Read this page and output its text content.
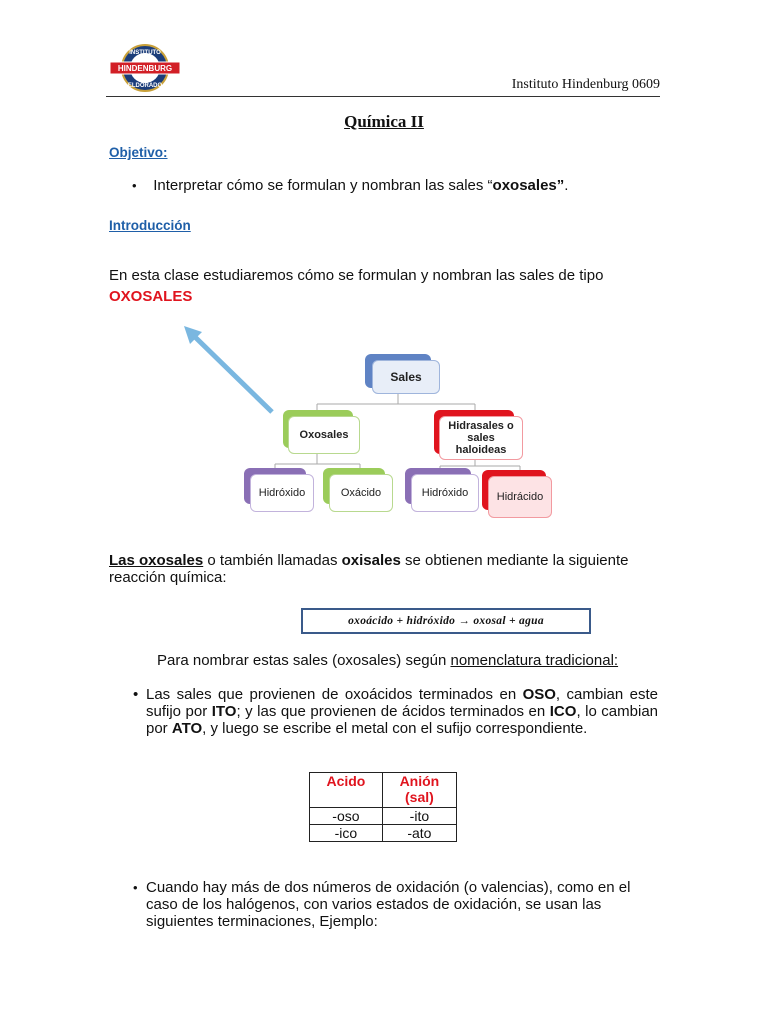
INSTITUTO
HINDENBURG
ELDORADO	Instituto Hindenburg 0609
Química II
Objetivo:
• Interpretar cómo se formulan y nombran las sales “oxosales”.
Introducción
En esta clase estudiaremos cómo se formulan y nombran las sales de tipo
OXOSALES
Sales
Oxosales
Hidrasales o
sales
haloideas
Hidróxido	Oxácido	Hidróxido	Hidrácido
Las oxosales o también llamadas oxisales se obtienen mediante la siguiente reacción química:
oxoácido + hidróxido → oxosal + agua
Para nombrar estas sales (oxosales) según nomenclatura tradicional:
• Las sales que provienen de oxoácidos terminados en OSO, cambian este sufijo por ITO; y las que provienen de ácidos terminados en ICO, lo cambian por ATO, y luego se escribe el metal con el sufijo correspondiente.
Acido	Anión
(sal)

-oso	-ito
-ico	-ato
• Cuando hay más de dos números de oxidación (o valencias), como en el caso de los halógenos, con varios estados de oxidación, se usan las siguientes terminaciones, Ejemplo:
